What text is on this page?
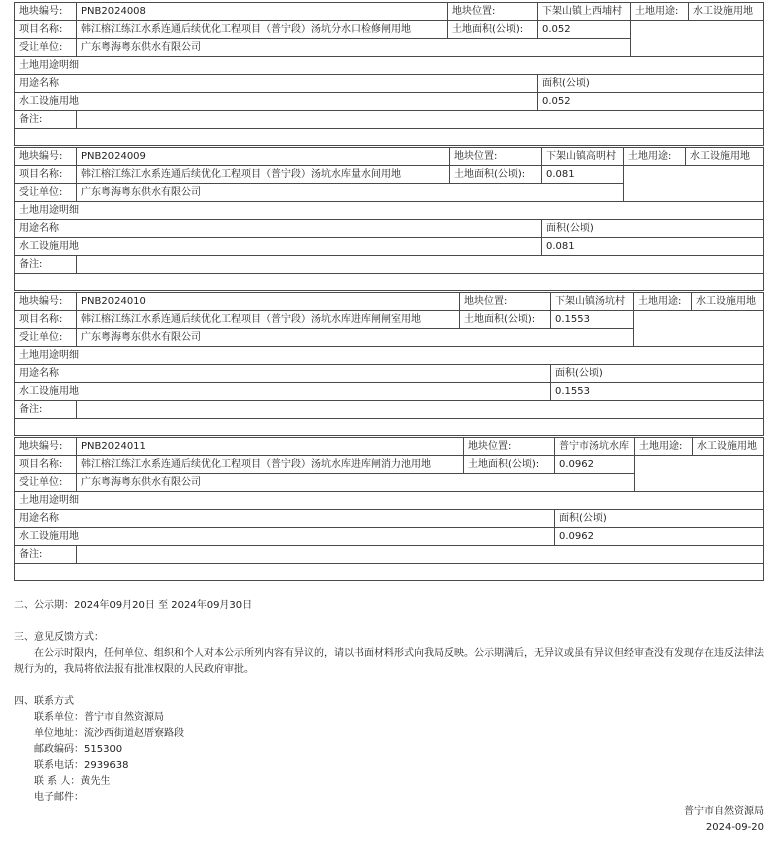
地块编号:	PNB2024008	地块位置:	下架山镇上西埔村	土地用途:	水工设施用地
项目名称:	韩江榕江练江水系连通后续优化工程项目（普宁段）汤坑分水口检修闸用地	土地面积(公顷):	0.052		
受让单位:	广东粤海粤东供水有限公司				
土地用途明细					
用途名称			面积(公顷)		
水工设施用地			0.052		
备注:					

地块编号:	PNB2024009	地块位置:	下架山镇高明村	土地用途:	水工设施用地
项目名称:	韩江榕江练江水系连通后续优化工程项目（普宁段）汤坑水库量水间用地	土地面积(公顷):	0.081		
受让单位:	广东粤海粤东供水有限公司				
土地用途明细					
用途名称			面积(公顷)		
水工设施用地			0.081		
备注:					

地块编号:	PNB2024010	地块位置:	下架山镇汤坑村	土地用途:	水工设施用地
项目名称:	韩江榕江练江水系连通后续优化工程项目（普宁段）汤坑水库进库闸闸室用地	土地面积(公顷):	0.1553		
受让单位:	广东粤海粤东供水有限公司				
土地用途明细					
用途名称			面积(公顷)		
水工设施用地			0.1553		
备注:					

地块编号:	PNB2024011	地块位置:	普宁市汤坑水库	土地用途:	水工设施用地
项目名称:	韩江榕江练江水系连通后续优化工程项目（普宁段）汤坑水库进库闸消力池用地	土地面积(公顷):	0.0962		
受让单位:	广东粤海粤东供水有限公司				
土地用途明细					
用途名称			面积(公顷)		
水工设施用地			0.0962		
备注:					

二、公示期：2024年09月20日 至 2024年09月30日

三、意见反馈方式：

在公示时限内，任何单位、组织和个人对本公示所列内容有异议的，请以书面材料形式向我局反映。公示期满后，无异议或虽有异议但经审查没有发现存在违反法律法规行为的，我局将依法报有批准权限的人民政府审批。

四、联系方式

联系单位：普宁市自然资源局
单位地址：流沙西街道赵厝寮路段
邮政编码：515300
联系电话：2939638
联 系 人：黄先生
电子邮件：
普宁市自然资源局
2024-09-20
